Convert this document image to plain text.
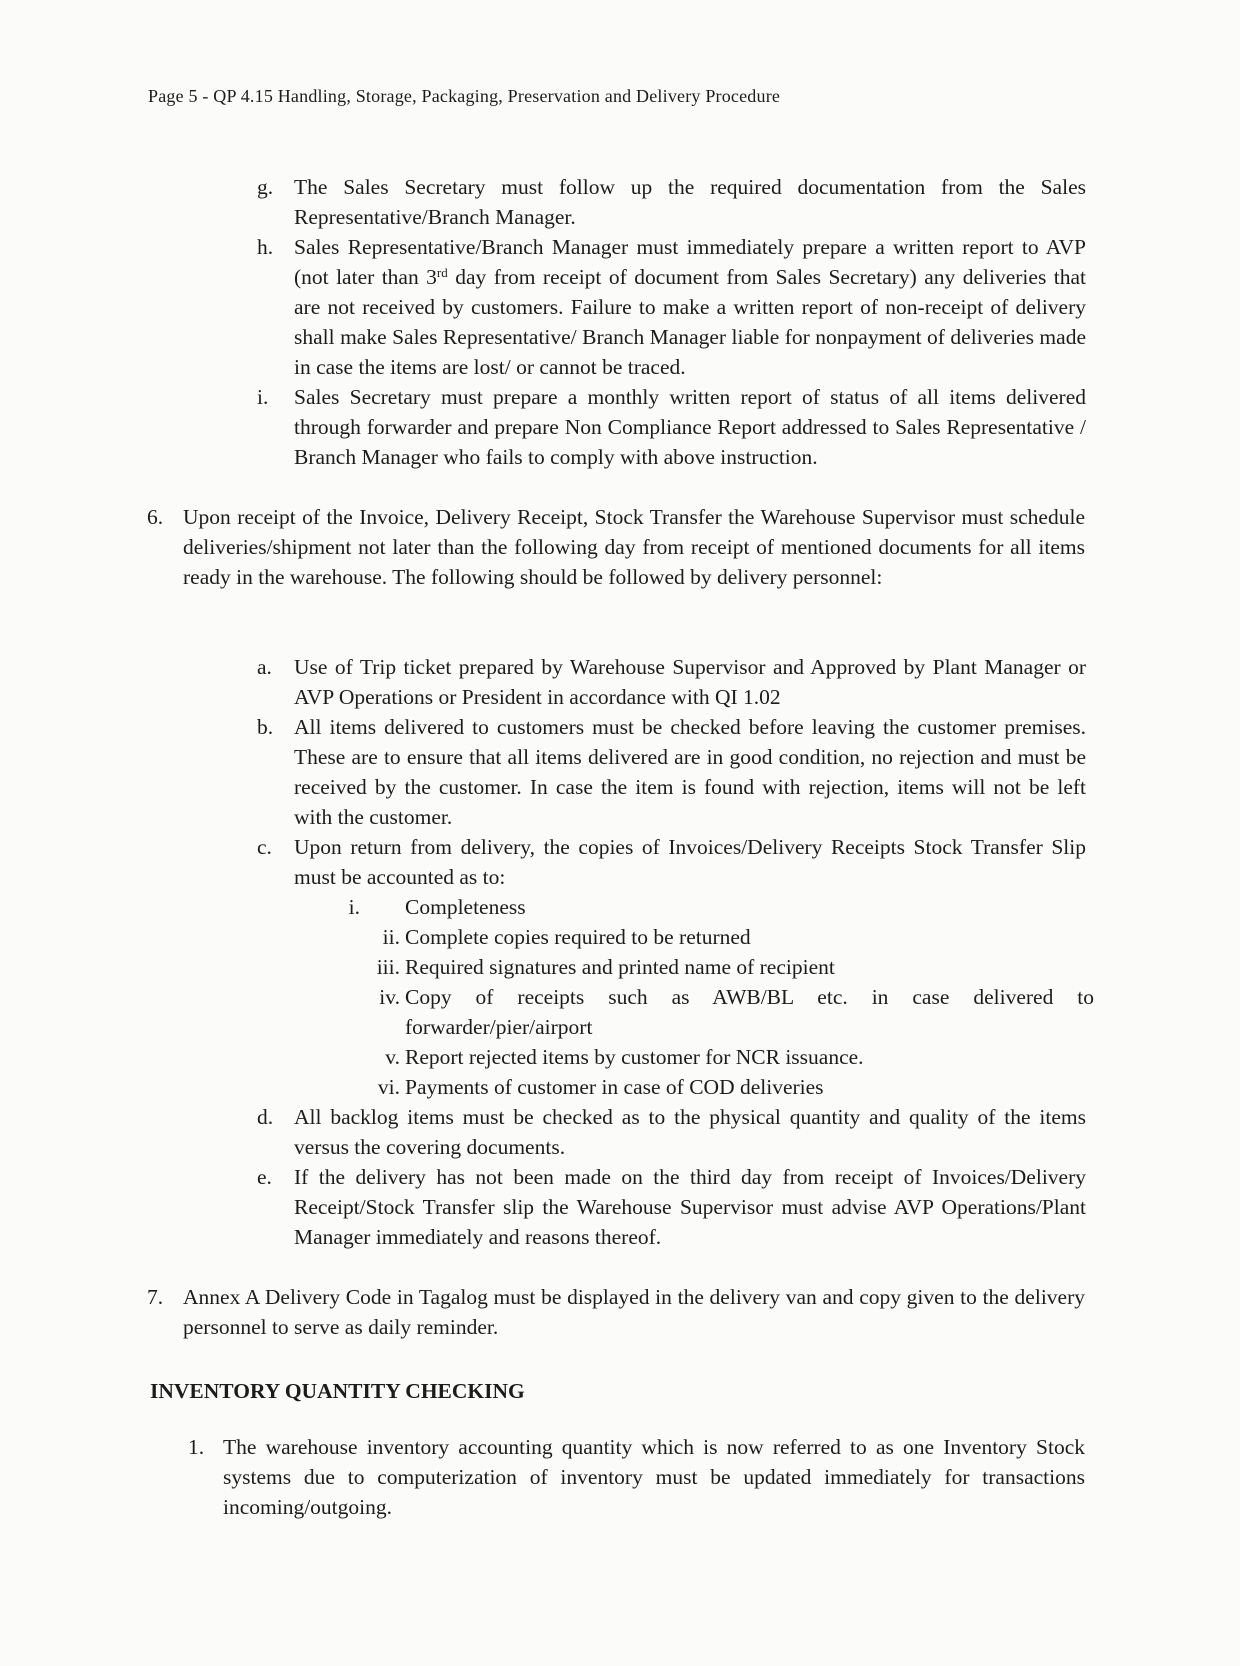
Page 5 - QP 4.15 Handling, Storage, Packaging, Preservation and Delivery Procedure
g. The Sales Secretary must follow up the required documentation from the Sales Representative/Branch Manager.
h. Sales Representative/Branch Manager must immediately prepare a written report to AVP (not later than 3rd day from receipt of document from Sales Secretary) any deliveries that are not received by customers. Failure to make a written report of non-receipt of delivery shall make Sales Representative/ Branch Manager liable for nonpayment of deliveries made in case the items are lost/ or cannot be traced.
i. Sales Secretary must prepare a monthly written report of status of all items delivered through forwarder and prepare Non Compliance Report addressed to Sales Representative / Branch Manager who fails to comply with above instruction.
6. Upon receipt of the Invoice, Delivery Receipt, Stock Transfer the Warehouse Supervisor must schedule deliveries/shipment not later than the following day from receipt of mentioned documents for all items ready in the warehouse. The following should be followed by delivery personnel:
a. Use of Trip ticket prepared by Warehouse Supervisor and Approved by Plant Manager or AVP Operations or President in accordance with QI 1.02
b. All items delivered to customers must be checked before leaving the customer premises. These are to ensure that all items delivered are in good condition, no rejection and must be received by the customer. In case the item is found with rejection, items will not be left with the customer.
c. Upon return from delivery, the copies of Invoices/Delivery Receipts Stock Transfer Slip must be accounted as to:
i. Completeness
ii. Complete copies required to be returned
iii. Required signatures and printed name of recipient
iv. Copy of receipts such as AWB/BL etc. in case delivered to forwarder/pier/airport
v. Report rejected items by customer for NCR issuance.
vi. Payments of customer in case of COD deliveries
d. All backlog items must be checked as to the physical quantity and quality of the items versus the covering documents.
e. If the delivery has not been made on the third day from receipt of Invoices/Delivery Receipt/Stock Transfer slip the Warehouse Supervisor must advise AVP Operations/Plant Manager immediately and reasons thereof.
7. Annex A Delivery Code in Tagalog must be displayed in the delivery van and copy given to the delivery personnel to serve as daily reminder.
INVENTORY QUANTITY CHECKING
1. The warehouse inventory accounting quantity which is now referred to as one Inventory Stock systems due to computerization of inventory must be updated immediately for transactions incoming/outgoing.
